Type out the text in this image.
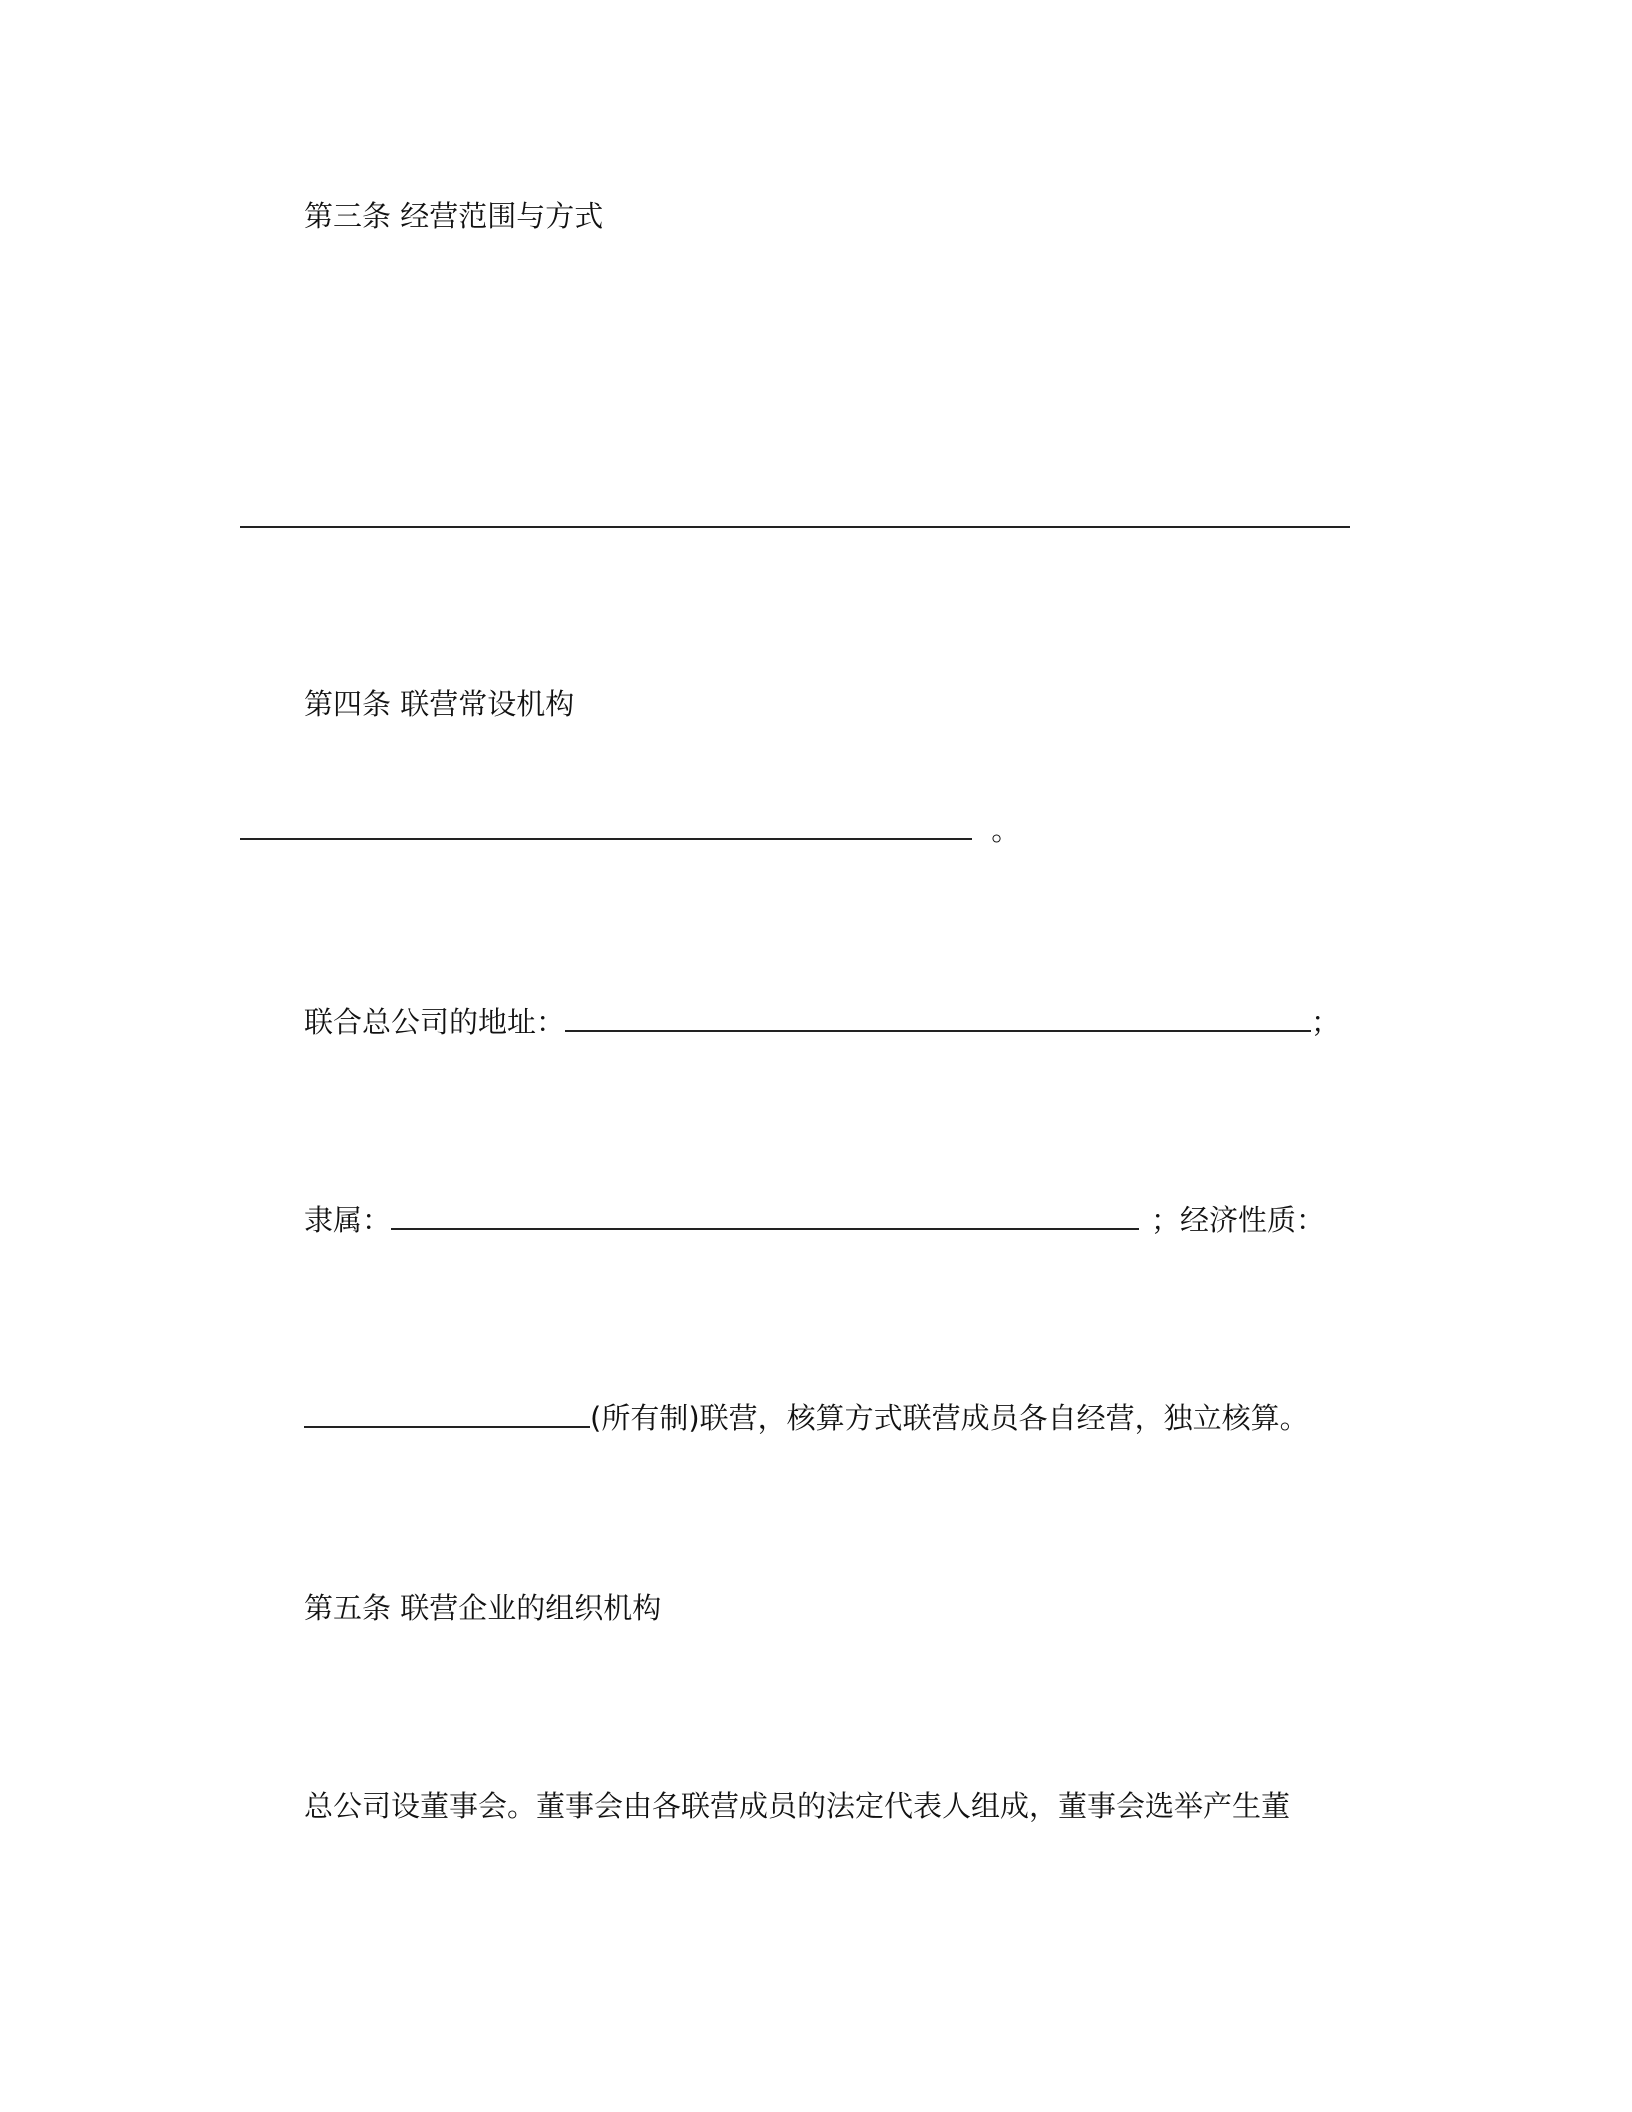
第三条 经营范围与方式
第四条 联营常设机构
。
联合总公司的地址：	；
隶属：	；经济性质：
(所有制)联营，核算方式联营成员各自经营，独立核算。
第五条 联营企业的组织机构
总公司设董事会。董事会由各联营成员的法定代表人组成，董事会选举产生董
